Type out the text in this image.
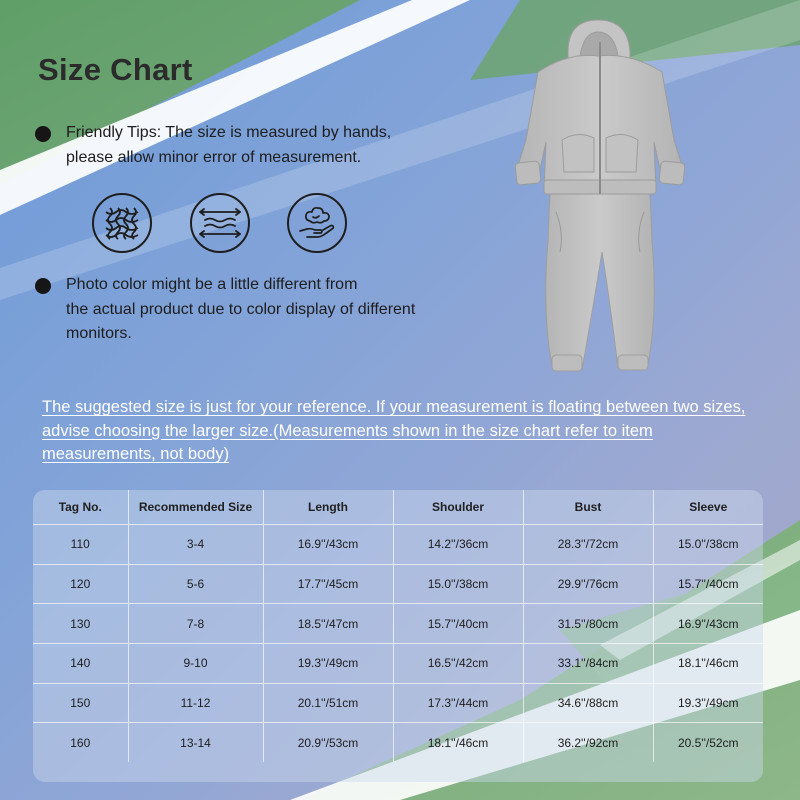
Size Chart
Friendly Tips: The size is measured by hands,
please allow minor error of measurement.
Photo color might be a little different from
the actual product due to color display of different
monitors.
The suggested size is just for your reference. If your measurement is floating between two sizes, advise choosing the larger size.(Measurements shown in the size chart refer to item measurements, not body)
Tag No.	Recommended Size	Length	Shoulder	Bust	Sleeve
110	3-4	16.9''/43cm	14.2''/36cm	28.3''/72cm	15.0''/38cm
120	5-6	17.7''/45cm	15.0''/38cm	29.9''/76cm	15.7''/40cm
130	7-8	18.5''/47cm	15.7''/40cm	31.5''/80cm	16.9''/43cm
140	9-10	19.3''/49cm	16.5''/42cm	33.1''/84cm	18.1''/46cm
150	11-12	20.1''/51cm	17.3''/44cm	34.6''/88cm	19.3''/49cm
160	13-14	20.9''/53cm	18.1''/46cm	36.2''/92cm	20.5''/52cm
